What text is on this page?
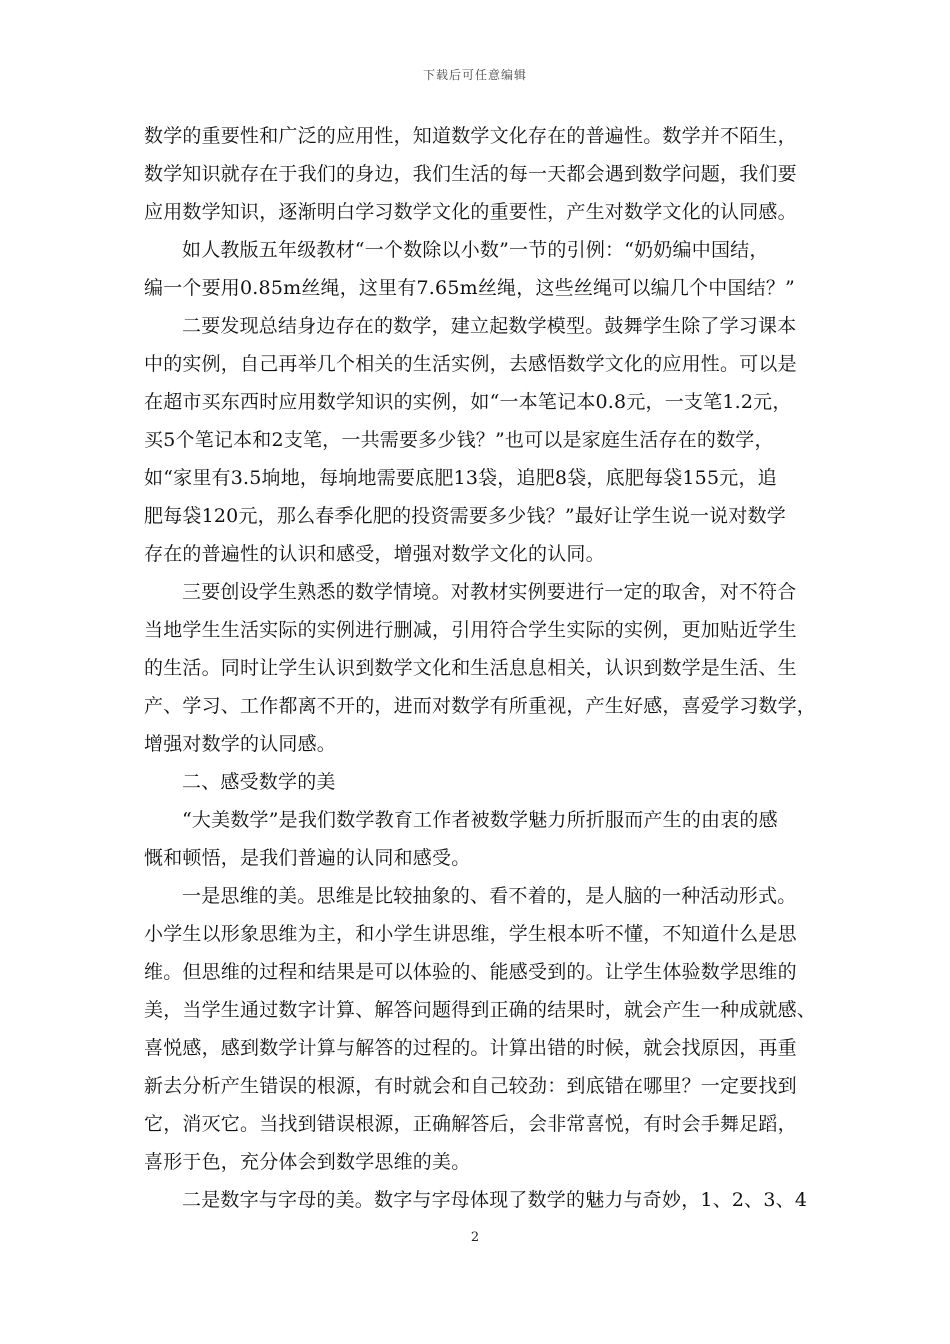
下载后可任意编辑
数学的重要性和广泛的应用性，知道数学文化存在的普遍性。数学并不陌生，
数学知识就存在于我们的身边，我们生活的每一天都会遇到数学问题，我们要
应用数学知识，逐渐明白学习数学文化的重要性，产生对数学文化的认同感。
如人教版五年级教材“一个数除以小数”一节的引例：“奶奶编中国结，
编一个要用0.85m丝绳，这里有7.65m丝绳，这些丝绳可以编几个中国结？”
二要发现总结身边存在的数学，建立起数学模型。鼓舞学生除了学习课本
中的实例，自己再举几个相关的生活实例，去感悟数学文化的应用性。可以是
在超市买东西时应用数学知识的实例，如“一本笔记本0.8元，一支笔1.2元，
买5个笔记本和2支笔，一共需要多少钱？”也可以是家庭生活存在的数学，
如“家里有3.5垧地，每垧地需要底肥13袋，追肥8袋，底肥每袋155元，追
肥每袋120元，那么春季化肥的投资需要多少钱？”最好让学生说一说对数学
存在的普遍性的认识和感受，增强对数学文化的认同。
三要创设学生熟悉的数学情境。对教材实例要进行一定的取舍，对不符合
当地学生生活实际的实例进行删减，引用符合学生实际的实例，更加贴近学生
的生活。同时让学生认识到数学文化和生活息息相关，认识到数学是生活、生
产、学习、工作都离不开的，进而对数学有所重视，产生好感，喜爱学习数学，
增强对数学的认同感。
二、感受数学的美
“大美数学”是我们数学教育工作者被数学魅力所折服而产生的由衷的感
慨和顿悟，是我们普遍的认同和感受。
一是思维的美。思维是比较抽象的、看不着的，是人脑的一种活动形式。
小学生以形象思维为主，和小学生讲思维，学生根本听不懂，不知道什么是思
维。但思维的过程和结果是可以体验的、能感受到的。让学生体验数学思维的
美，当学生通过数字计算、解答问题得到正确的结果时，就会产生一种成就感、
喜悦感，感到数学计算与解答的过程的。计算出错的时候，就会找原因，再重
新去分析产生错误的根源，有时就会和自己较劲：到底错在哪里？一定要找到
它，消灭它。当找到错误根源，正确解答后，会非常喜悦，有时会手舞足蹈，
喜形于色，充分体会到数学思维的美。
二是数字与字母的美。数字与字母体现了数学的魅力与奇妙，1、2、3、4
2
